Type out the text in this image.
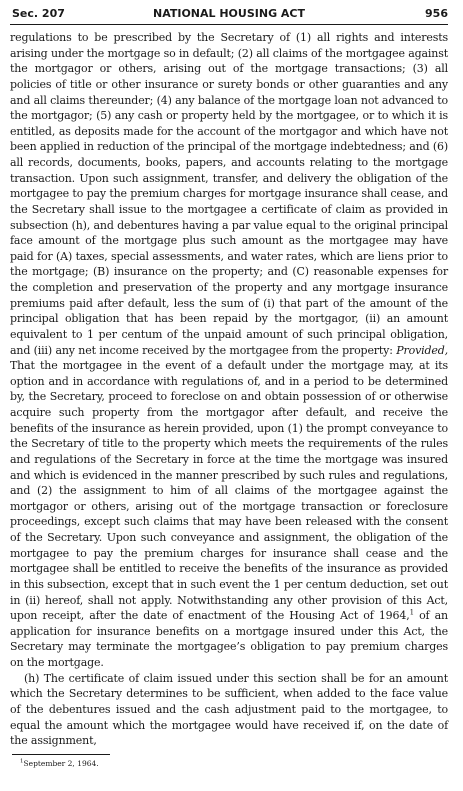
Sec. 207	NATIONAL HOUSING ACT	956

regulations to be prescribed by the Secretary of (1) all rights and interests arising under the mortgage so in default; (2) all claims of the mortgagee against the mortgagor or others, arising out of the mortgage transactions; (3) all policies of title or other insurance or surety bonds or other guaranties and any and all claims thereunder; (4) any balance of the mortgage loan not advanced to the mortgagor; (5) any cash or property held by the mortgagee, or to which it is entitled, as deposits made for the account of the mortgagor and which have not been applied in reduction of the principal of the mortgage indebtedness; and (6) all records, documents, books, papers, and accounts relating to the mortgage transaction. Upon such assignment, transfer, and delivery the obligation of the mortgagee to pay the premium charges for mortgage insurance shall cease, and the Secretary shall issue to the mortgagee a certificate of claim as provided in subsection (h), and debentures having a par value equal to the original principal face amount of the mortgage plus such amount as the mortgagee may have paid for (A) taxes, special assessments, and water rates, which are liens prior to the mortgage; (B) insurance on the property; and (C) reasonable expenses for the completion and preservation of the property and any mortgage insurance premiums paid after default, less the sum of (i) that part of the amount of the principal obligation that has been repaid by the mortgagor, (ii) an amount equivalent to 1 per centum of the unpaid amount of such principal obligation, and (iii) any net income received by the mortgagee from the property: Provided, That the mortgagee in the event of a default under the mortgage may, at its option and in accordance with regulations of, and in a period to be determined by, the Secretary, proceed to foreclose on and obtain possession of or otherwise acquire such property from the mortgagor after default, and receive the benefits of the insurance as herein provided, upon (1) the prompt conveyance to the Secretary of title to the property which meets the requirements of the rules and regulations of the Secretary in force at the time the mortgage was insured and which is evidenced in the manner prescribed by such rules and regulations, and (2) the assignment to him of all claims of the mortgagee against the mortgagor or others, arising out of the mortgage transaction or foreclosure proceedings, except such claims that may have been released with the consent of the Secretary. Upon such conveyance and assignment, the obligation of the mortgagee to pay the premium charges for insurance shall cease and the mortgagee shall be entitled to receive the benefits of the insurance as provided in this subsection, except that in such event the 1 per centum deduction, set out in (ii) hereof, shall not apply. Notwithstanding any other provision of this Act, upon receipt, after the date of enactment of the Housing Act of 1964,$^1$ of an application for insurance benefits on a mortgage insured under this Act, the Secretary may terminate the mortgagee’s obligation to pay premium charges on the mortgage.

(h) The certificate of claim issued under this section shall be for an amount which the Secretary determines to be sufficient, when added to the face value of the debentures issued and the cash adjustment paid to the mortgagee, to equal the amount which the mortgagee would have received if, on the date of the assignment,

$^1$September 2, 1964.
